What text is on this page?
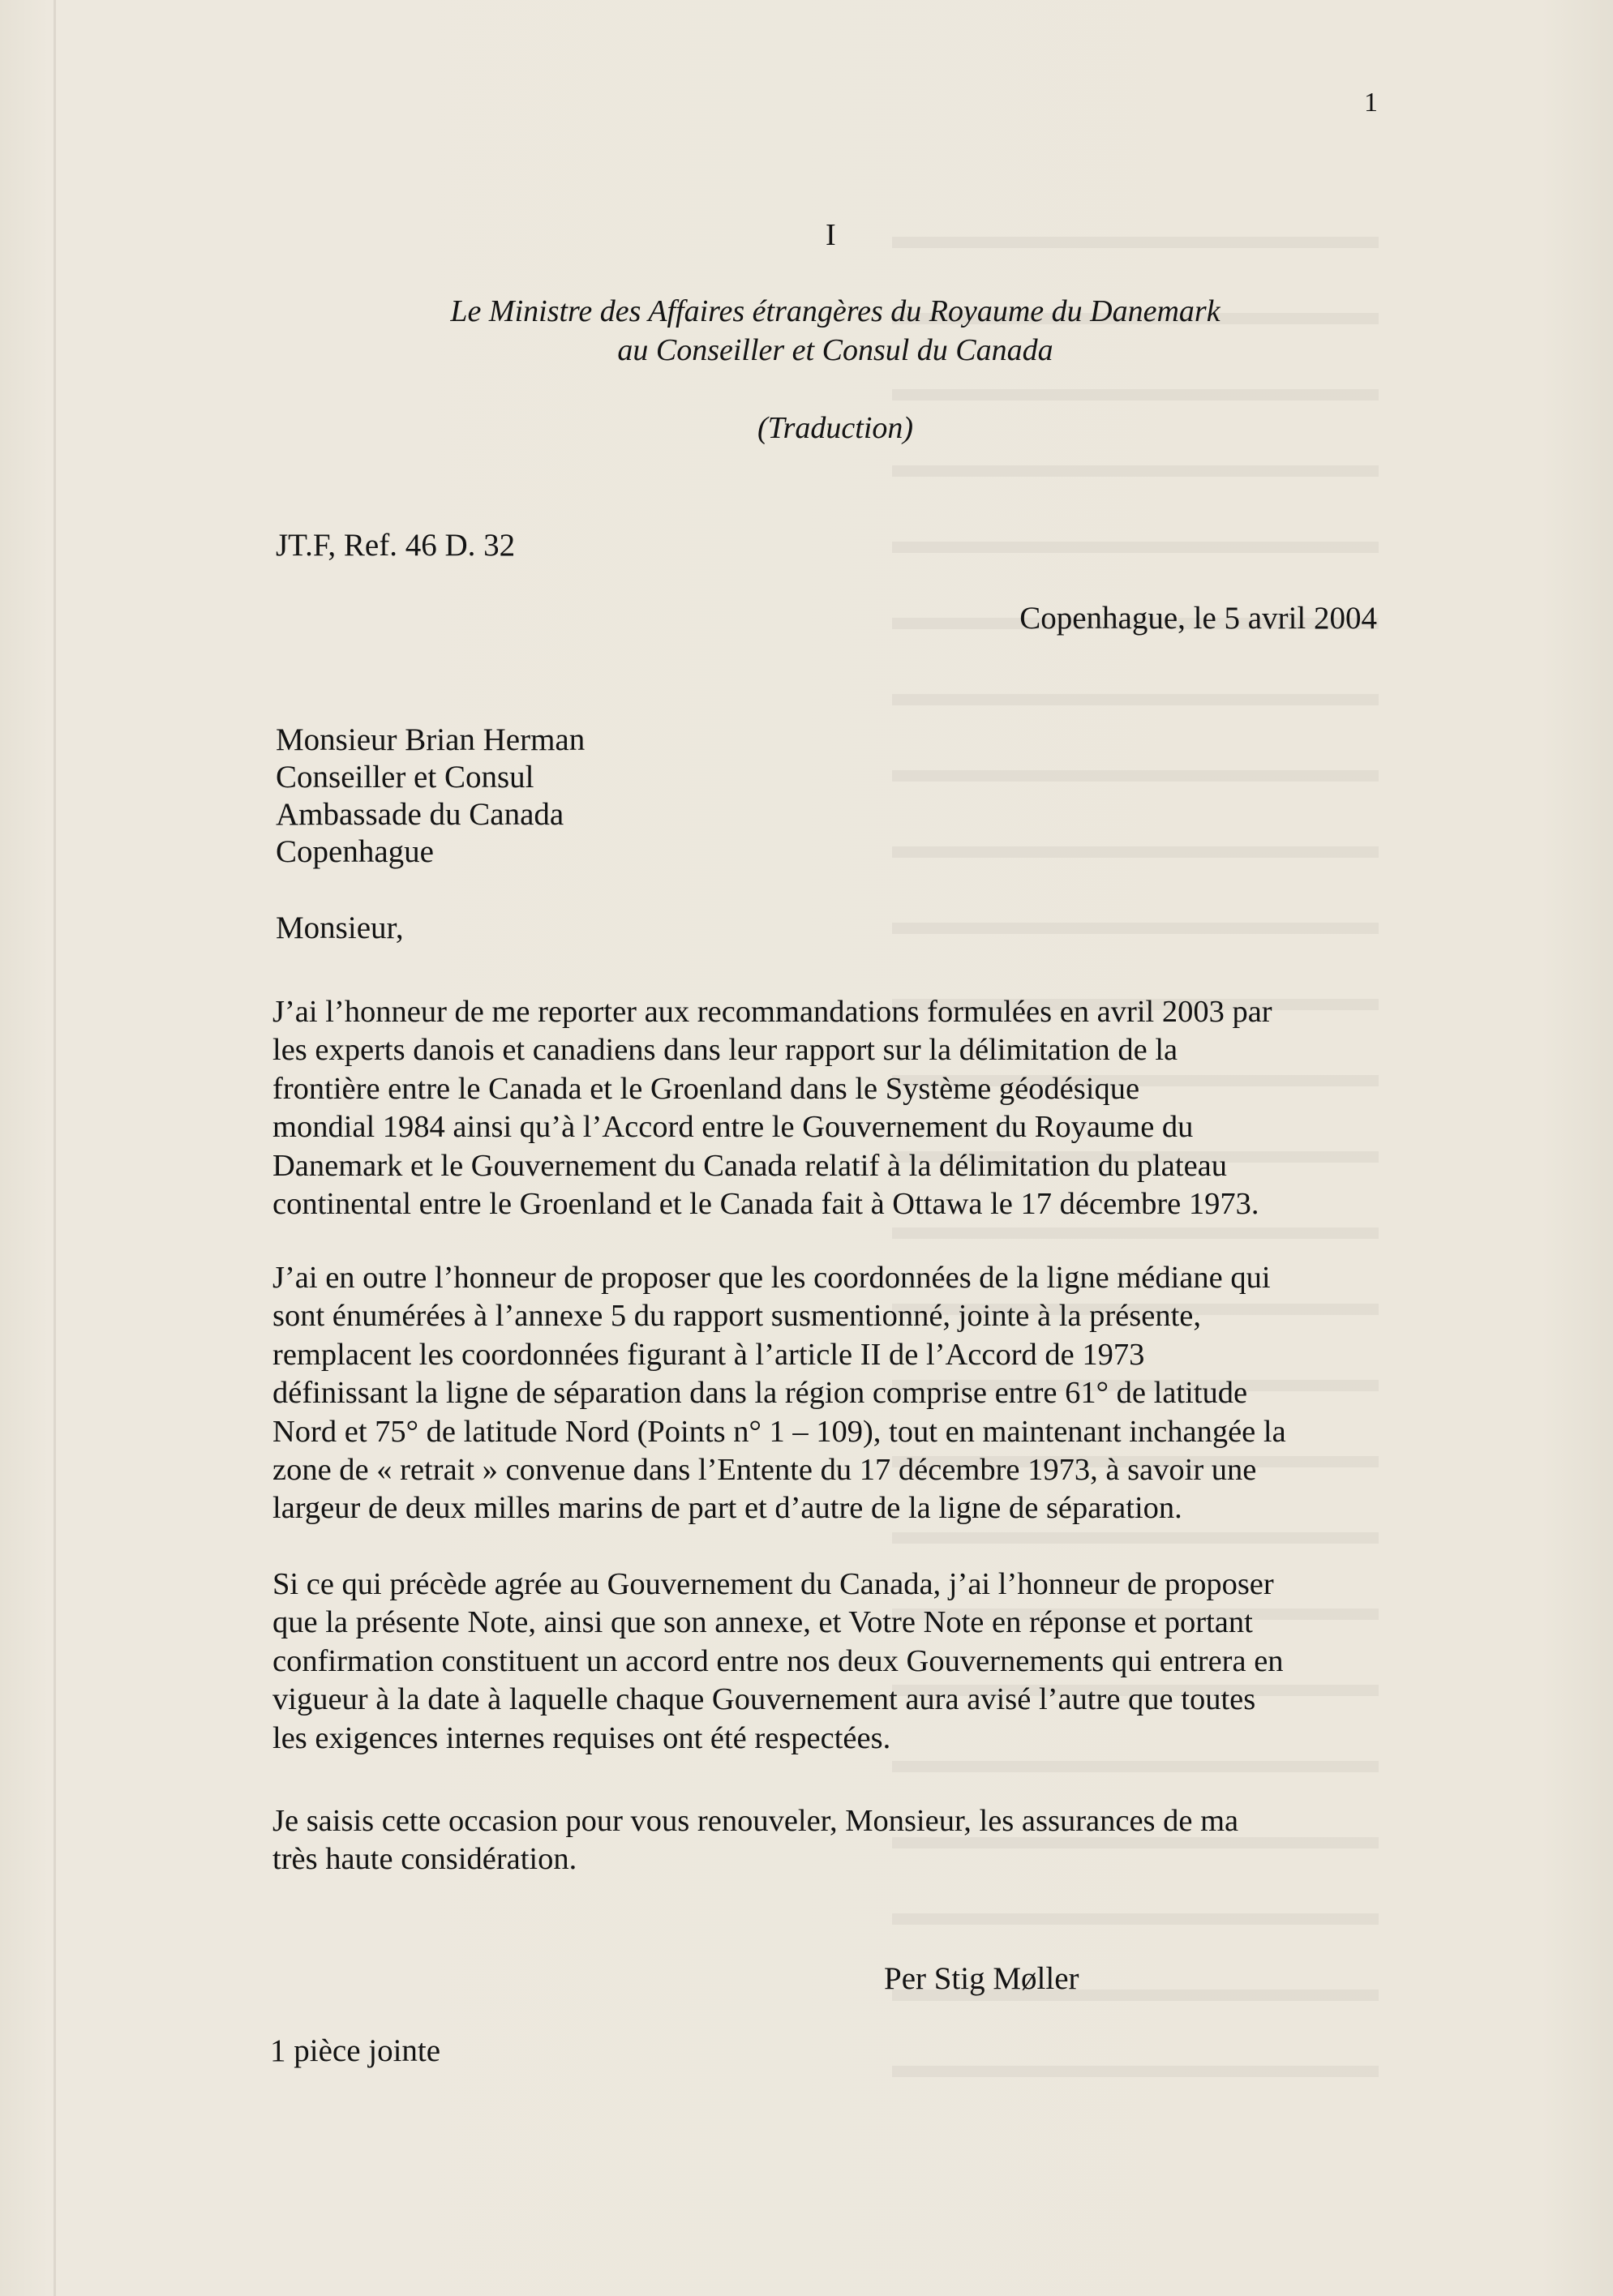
1

I

Le Ministre des Affaires étrangères du Royaume du Danemark

au Conseiller et Consul du Canada

(Traduction)

JT.F, Ref. 46 D. 32

Copenhague, le 5 avril 2004

Monsieur Brian Herman

Conseiller et Consul

Ambassade du Canada

Copenhague

Monsieur,

J’ai l’honneur de me reporter aux recommandations formulées en avril 2003 par
les experts danois et canadiens dans leur rapport sur la délimitation de la
frontière entre le Canada et le Groenland dans le Système géodésique
mondial 1984 ainsi qu’à l’Accord entre le Gouvernement du Royaume du
Danemark et le Gouvernement du Canada relatif à la délimitation du plateau
continental entre le Groenland et le Canada fait à Ottawa le 17 décembre 1973.
J’ai en outre l’honneur de proposer que les coordonnées de la ligne médiane qui
sont énumérées à l’annexe 5 du rapport susmentionné, jointe à la présente,
remplacent les coordonnées figurant à l’article II de l’Accord de 1973
définissant la ligne de séparation dans la région comprise entre 61° de latitude
Nord et 75° de latitude Nord (Points n° 1 – 109), tout en maintenant inchangée la
zone de « retrait » convenue dans l’Entente du 17 décembre 1973, à savoir une
largeur de deux milles marins de part et d’autre de la ligne de séparation.
Si ce qui précède agrée au Gouvernement du Canada, j’ai l’honneur de proposer
que la présente Note, ainsi que son annexe, et Votre Note en réponse et portant
confirmation constituent un accord entre nos deux Gouvernements qui entrera en
vigueur à la date à laquelle chaque Gouvernement aura avisé l’autre que toutes
les exigences internes requises ont été respectées.
Je saisis cette occasion pour vous renouveler, Monsieur, les assurances de ma
très haute considération.

Per Stig Møller

1 pièce jointe
